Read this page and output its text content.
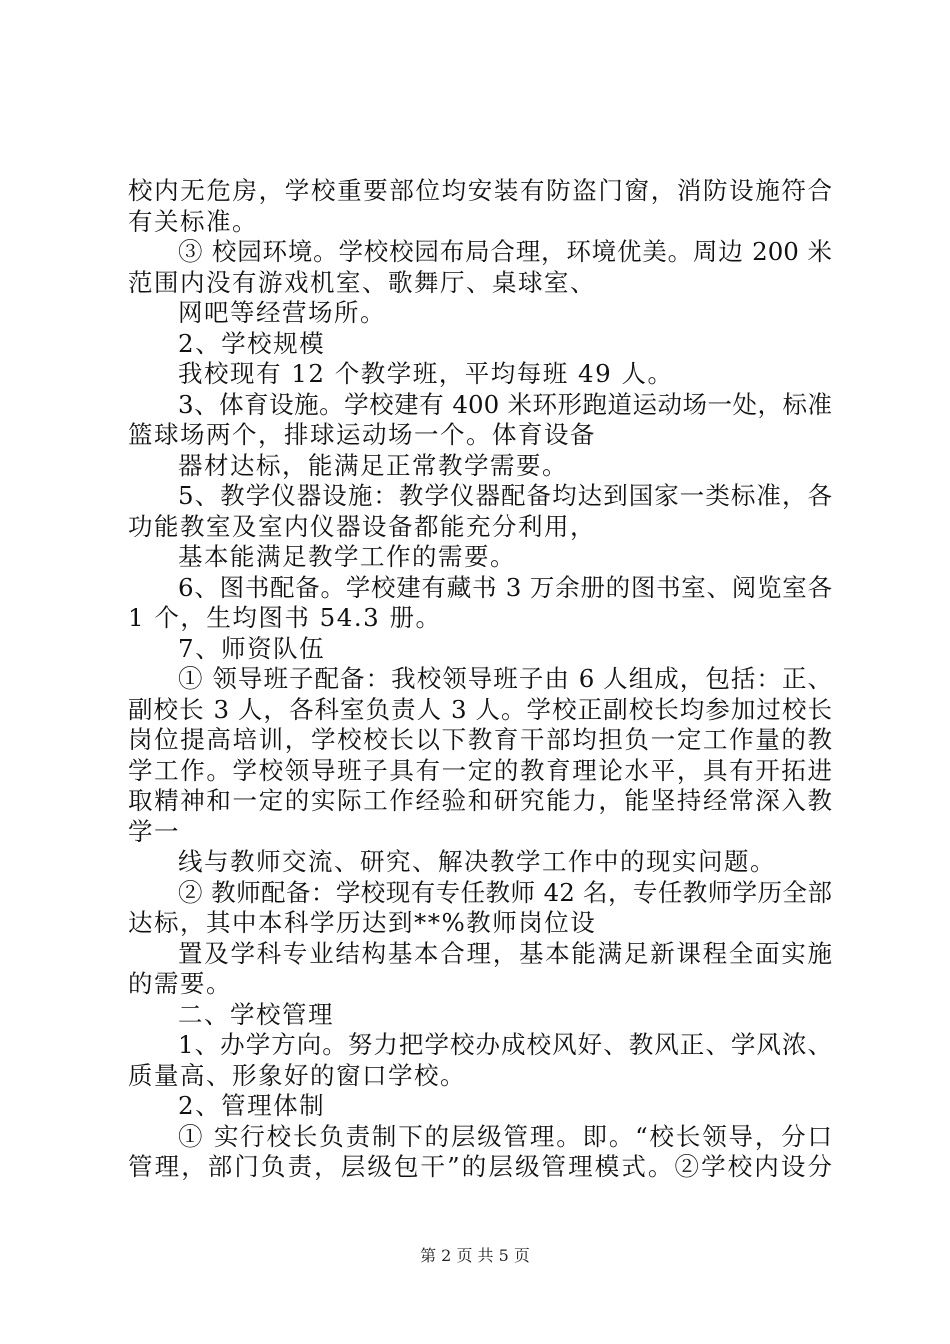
校内无危房，学校重要部位均安装有防盗门窗，消防设施符合
有关标准。
③ 校园环境。学校校园布局合理，环境优美。周边 200 米
范围内没有游戏机室、歌舞厅、桌球室、
网吧等经营场所。
2、学校规模
我校现有 12 个教学班，平均每班 49 人。
3、体育设施。学校建有 400 米环形跑道运动场一处，标准
篮球场两个，排球运动场一个。体育设备
器材达标，能满足正常教学需要。
5、教学仪器设施：教学仪器配备均达到国家一类标准，各
功能教室及室内仪器设备都能充分利用，
基本能满足教学工作的需要。
6、图书配备。学校建有藏书 3 万余册的图书室、阅览室各
1 个，生均图书 54.3 册。
7、师资队伍
① 领导班子配备：我校领导班子由 6 人组成，包括：正、
副校长 3 人，各科室负责人 3 人。学校正副校长均参加过校长
岗位提高培训，学校校长以下教育干部均担负一定工作量的教
学工作。学校领导班子具有一定的教育理论水平，具有开拓进
取精神和一定的实际工作经验和研究能力，能坚持经常深入教
学一
线与教师交流、研究、解决教学工作中的现实问题。
② 教师配备：学校现有专任教师 42 名，专任教师学历全部
达标，其中本科学历达到**%教师岗位设
置及学科专业结构基本合理，基本能满足新课程全面实施
的需要。
二、学校管理
1、办学方向。努力把学校办成校风好、教风正、学风浓、
质量高、形象好的窗口学校。
2、管理体制
① 实行校长负责制下的层级管理。即。“校长领导，分口
管理，部门负责，层级包干”的层级管理模式。②学校内设分
第 2 页 共 5 页
